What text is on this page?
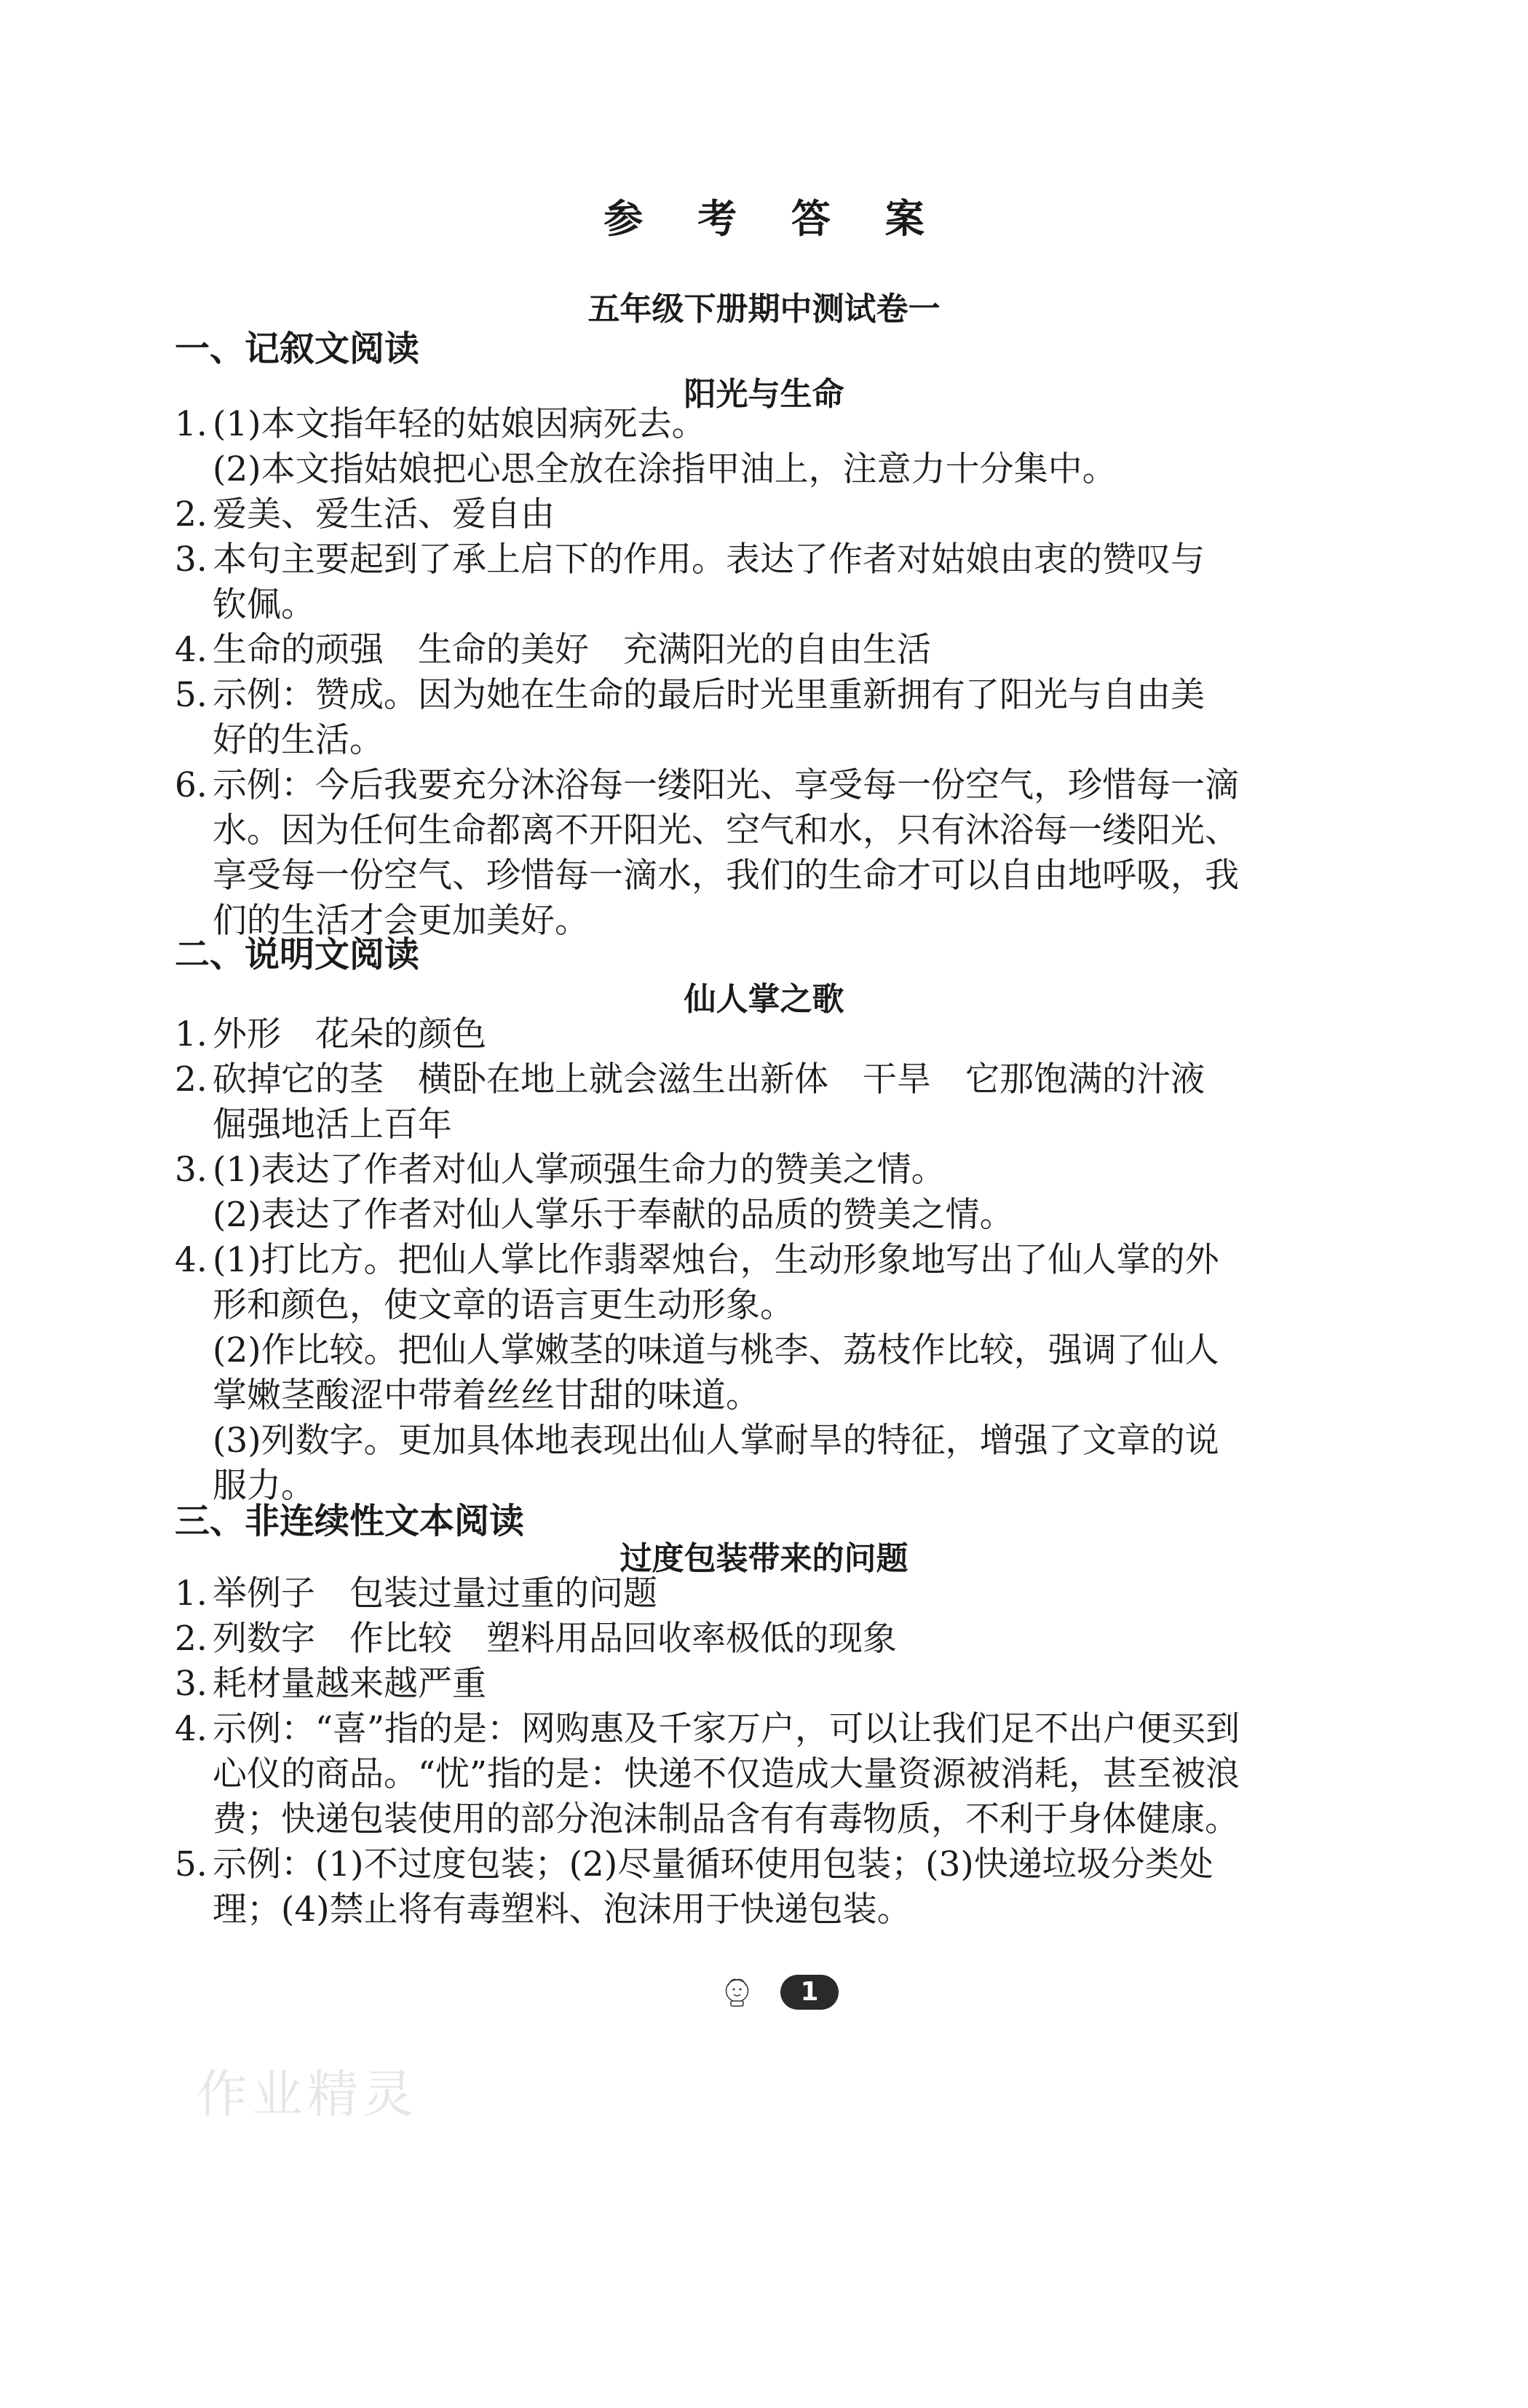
参 考 答 案
五年级下册期中测试卷一
一、记叙文阅读
阳光与生命
1. (1)本文指年轻的姑娘因病死去。
(2)本文指姑娘把心思全放在涂指甲油上，注意力十分集中。
2. 爱美、爱生活、爱自由
3. 本句主要起到了承上启下的作用。表达了作者对姑娘由衷的赞叹与
钦佩。
4. 生命的顽强　生命的美好　充满阳光的自由生活
5. 示例：赞成。因为她在生命的最后时光里重新拥有了阳光与自由美
好的生活。
6. 示例：今后我要充分沐浴每一缕阳光、享受每一份空气，珍惜每一滴
水。因为任何生命都离不开阳光、空气和水，只有沐浴每一缕阳光、
享受每一份空气、珍惜每一滴水，我们的生命才可以自由地呼吸，我
们的生活才会更加美好。
二、说明文阅读
仙人掌之歌
1. 外形　花朵的颜色
2. 砍掉它的茎　横卧在地上就会滋生出新体　干旱　它那饱满的汁液
倔强地活上百年
3. (1)表达了作者对仙人掌顽强生命力的赞美之情。
(2)表达了作者对仙人掌乐于奉献的品质的赞美之情。
4. (1)打比方。把仙人掌比作翡翠烛台，生动形象地写出了仙人掌的外
形和颜色，使文章的语言更生动形象。
(2)作比较。把仙人掌嫩茎的味道与桃李、荔枝作比较，强调了仙人
掌嫩茎酸涩中带着丝丝甘甜的味道。
(3)列数字。更加具体地表现出仙人掌耐旱的特征，增强了文章的说
服力。
三、非连续性文本阅读
过度包装带来的问题
1. 举例子　包装过量过重的问题
2. 列数字　作比较　塑料用品回收率极低的现象
3. 耗材量越来越严重
4. 示例：“喜”指的是：网购惠及千家万户，可以让我们足不出户便买到
心仪的商品。“忧”指的是：快递不仅造成大量资源被消耗，甚至被浪
费；快递包装使用的部分泡沫制品含有有毒物质，不利于身体健康。
5. 示例：(1)不过度包装；(2)尽量循环使用包装；(3)快递垃圾分类处
理；(4)禁止将有毒塑料、泡沫用于快递包装。
1
作业精灵
